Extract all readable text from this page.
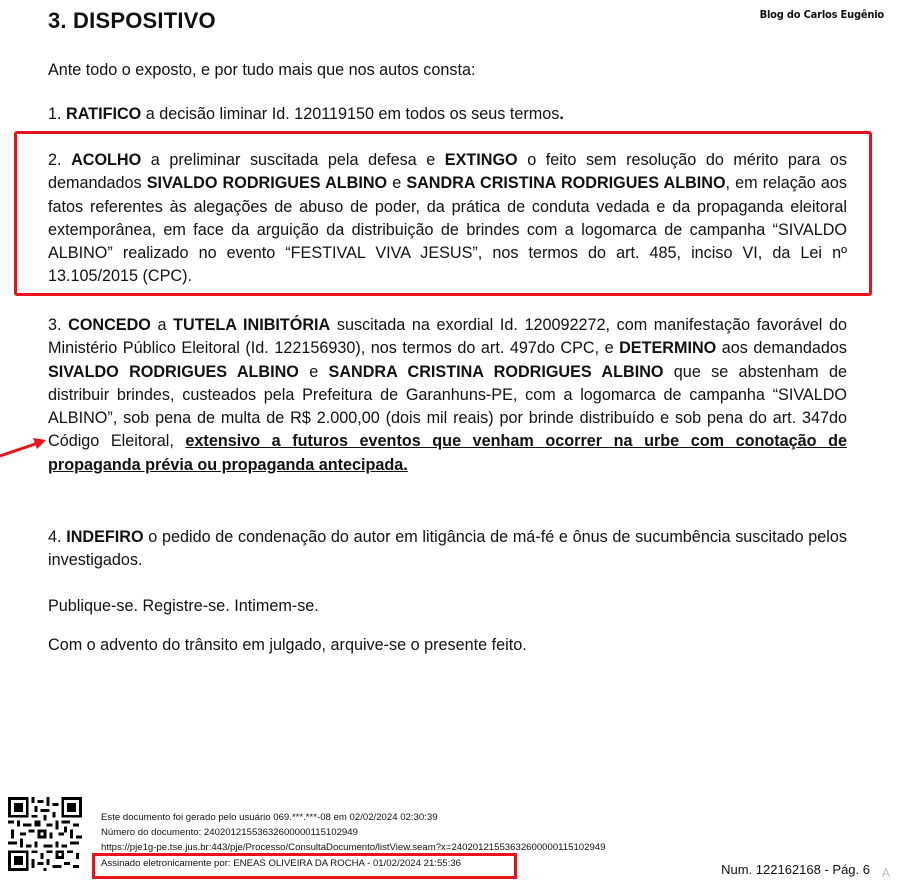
3. DISPOSITIVO	Blog do Carlos Eugênio
Ante todo o exposto, e por tudo mais que nos autos consta:
1. RATIFICO a decisão liminar Id. 120119150 em todos os seus termos.
2. ACOLHO a preliminar suscitada pela defesa e EXTINGO o feito sem resolução do mérito para os demandados SIVALDO RODRIGUES ALBINO e SANDRA CRISTINA RODRIGUES ALBINO, em relação aos fatos referentes às alegações de abuso de poder, da prática de conduta vedada e da propaganda eleitoral extemporânea, em face da arguição da distribuição de brindes com a logomarca de campanha “SIVALDO ALBINO” realizado no evento “FESTIVAL VIVA JESUS”, nos termos do art. 485, inciso VI, da Lei nº 13.105/2015 (CPC).
3. CONCEDO a TUTELA INIBITÓRIA suscitada na exordial Id. 120092272, com manifestação favorável do Ministério Público Eleitoral (Id. 122156930), nos termos do art. 497do CPC, e DETERMINO aos demandados SIVALDO RODRIGUES ALBINO e SANDRA CRISTINA RODRIGUES ALBINO que se abstenham de distribuir brindes, custeados pela Prefeitura de Garanhuns-PE, com a logomarca de campanha “SIVALDO ALBINO”, sob pena de multa de R$ 2.000,00 (dois mil reais) por brinde distribuído e sob pena do art. 347do Código Eleitoral, extensivo a futuros eventos que venham ocorrer na urbe com conotação de propaganda prévia ou propaganda antecipada.
4. INDEFIRO o pedido de condenação do autor em litigância de má-fé e ônus de sucumbência suscitado pelos investigados.
Publique-se. Registre-se. Intimem-se.
Com o advento do trânsito em julgado, arquive-se o presente feito.
Este documento foi gerado pelo usuário 069.***.***-08 em 02/02/2024 02:30:39
Número do documento: 24020121553632600000115102949
https://pje1g-pe.tse.jus.br:443/pje/Processo/ConsultaDocumento/listView.seam?x=24020121553632600000115102949
Assinado eletronicamente por: ENEAS OLIVEIRA DA ROCHA - 01/02/2024 21:55:36	Num. 122162168 - Pág. 6 A
